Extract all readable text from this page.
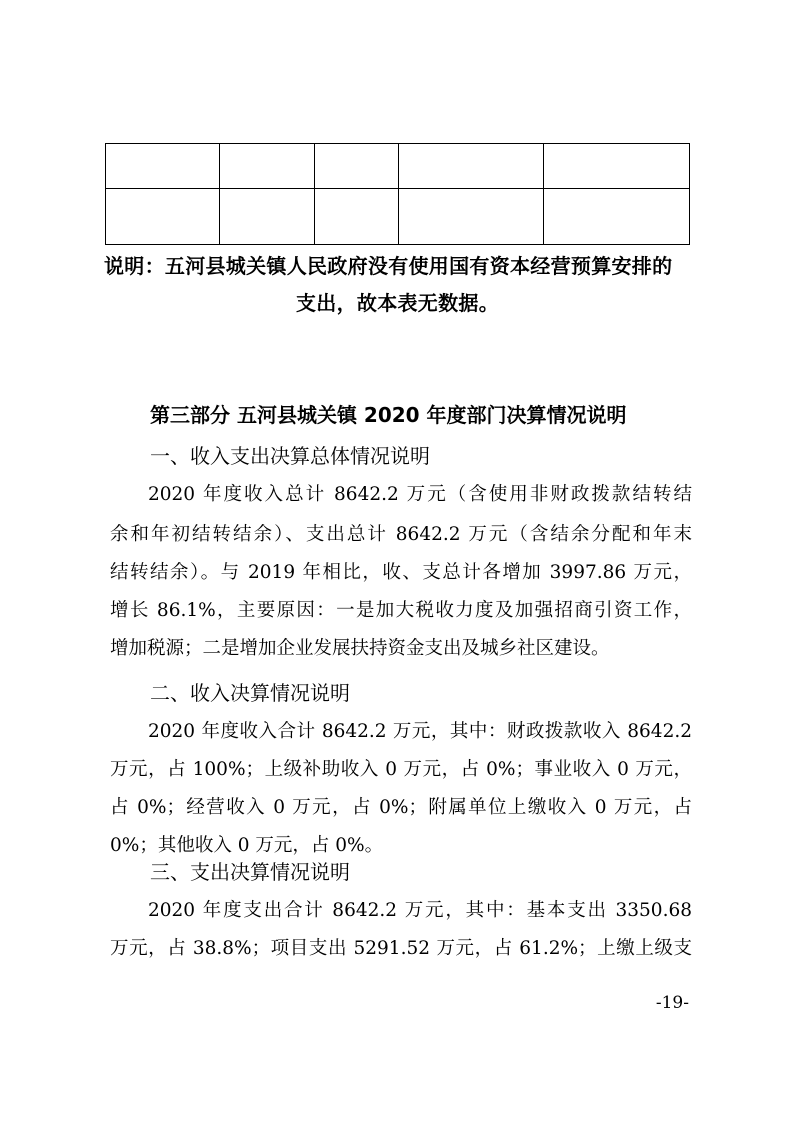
说明：五河县城关镇人民政府没有使用国有资本经营预算安排的
支出，故本表无数据。
第三部分 五河县城关镇 2020 年度部门决算情况说明
一、收入支出决算总体情况说明
2020 年度收入总计 8642.2 万元（含使用非财政拨款结转结
余和年初结转结余）、支出总计 8642.2 万元（含结余分配和年末
结转结余）。与 2019 年相比，收、支总计各增加 3997.86 万元，
增长 86.1%，主要原因：一是加大税收力度及加强招商引资工作，
增加税源；二是增加企业发展扶持资金支出及城乡社区建设。
二、收入决算情况说明
2020 年度收入合计 8642.2 万元，其中：财政拨款收入 8642.2
万元，占 100%；上级补助收入 0 万元，占 0%；事业收入 0 万元，
占 0%；经营收入 0 万元，占 0%；附属单位上缴收入 0 万元，占
0%；其他收入 0 万元，占 0%。
三、支出决算情况说明
2020 年度支出合计 8642.2 万元，其中：基本支出 3350.68
万元，占 38.8%；项目支出 5291.52 万元，占 61.2%；上缴上级支
-19-
